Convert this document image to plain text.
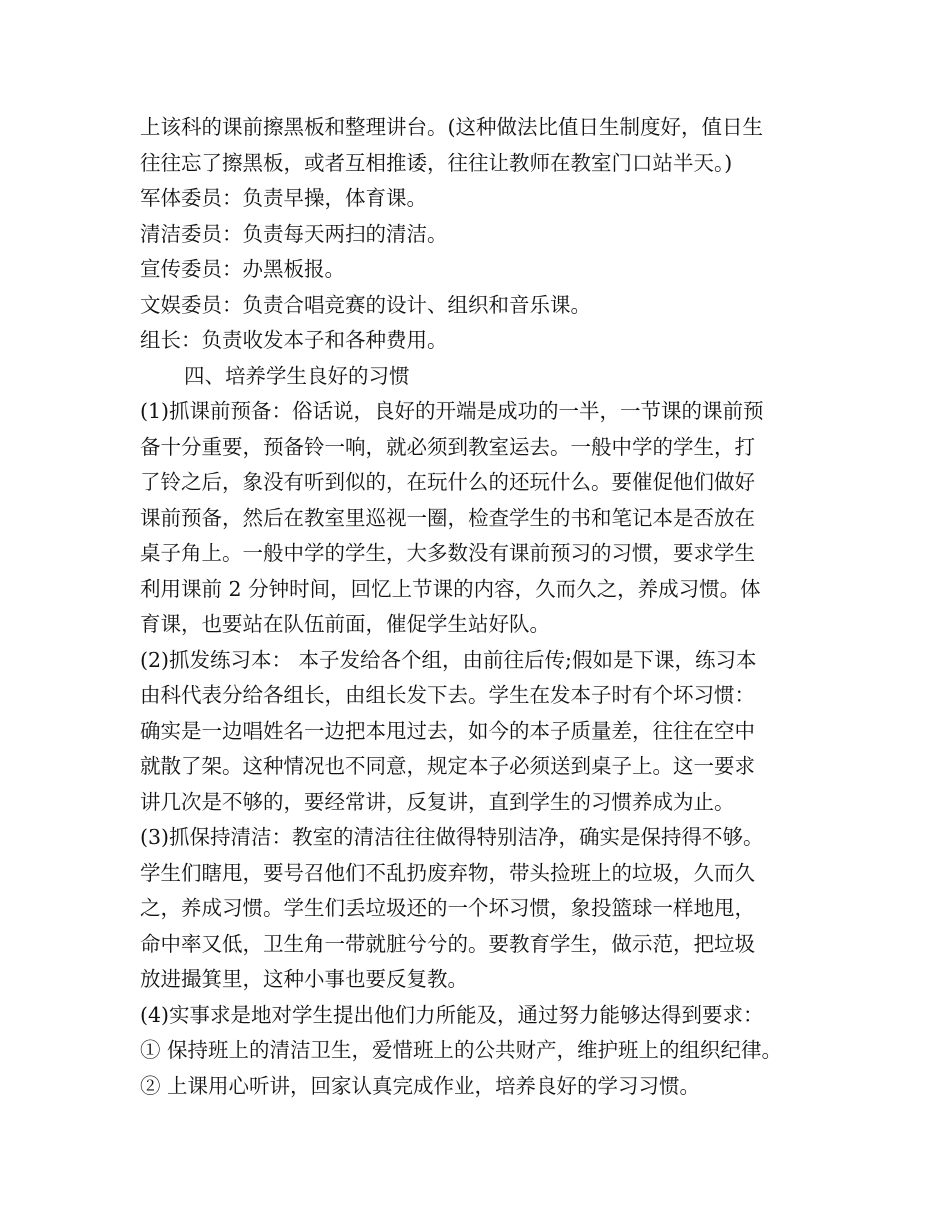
上该科的课前擦黑板和整理讲台。(这种做法比值日生制度好，值日生
往往忘了擦黑板，或者互相推诿，往往让教师在教室门口站半天。)
军体委员：负责早操，体育课。
清洁委员：负责每天两扫的清洁。
宣传委员：办黑板报。
文娱委员：负责合唱竞赛的设计、组织和音乐课。
组长：负责收发本子和各种费用。
四、培养学生良好的习惯
(1)抓课前预备：俗话说，良好的开端是成功的一半，一节课的课前预
备十分重要，预备铃一响，就必须到教室运去。一般中学的学生，打
了铃之后，象没有听到似的，在玩什么的还玩什么。要催促他们做好
课前预备，然后在教室里巡视一圈，检查学生的书和笔记本是否放在
桌子角上。一般中学的学生，大多数没有课前预习的习惯，要求学生
利用课前 2 分钟时间，回忆上节课的内容，久而久之，养成习惯。体
育课，也要站在队伍前面，催促学生站好队。
(2)抓发练习本： 本子发给各个组，由前往后传;假如是下课，练习本
由科代表分给各组长，由组长发下去。学生在发本子时有个坏习惯：
确实是一边唱姓名一边把本甩过去，如今的本子质量差，往往在空中
就散了架。这种情况也不同意，规定本子必须送到桌子上。这一要求
讲几次是不够的，要经常讲，反复讲，直到学生的习惯养成为止。
(3)抓保持清洁：教室的清洁往往做得特别洁净，确实是保持得不够。
学生们瞎甩，要号召他们不乱扔废弃物，带头捡班上的垃圾，久而久
之，养成习惯。学生们丢垃圾还的一个坏习惯，象投篮球一样地甩，
命中率又低，卫生角一带就脏兮兮的。要教育学生，做示范，把垃圾
放进撮箕里，这种小事也要反复教。
(4)实事求是地对学生提出他们力所能及，通过努力能够达得到要求：
① 保持班上的清洁卫生，爱惜班上的公共财产，维护班上的组织纪律。
② 上课用心听讲，回家认真完成作业，培养良好的学习习惯。
